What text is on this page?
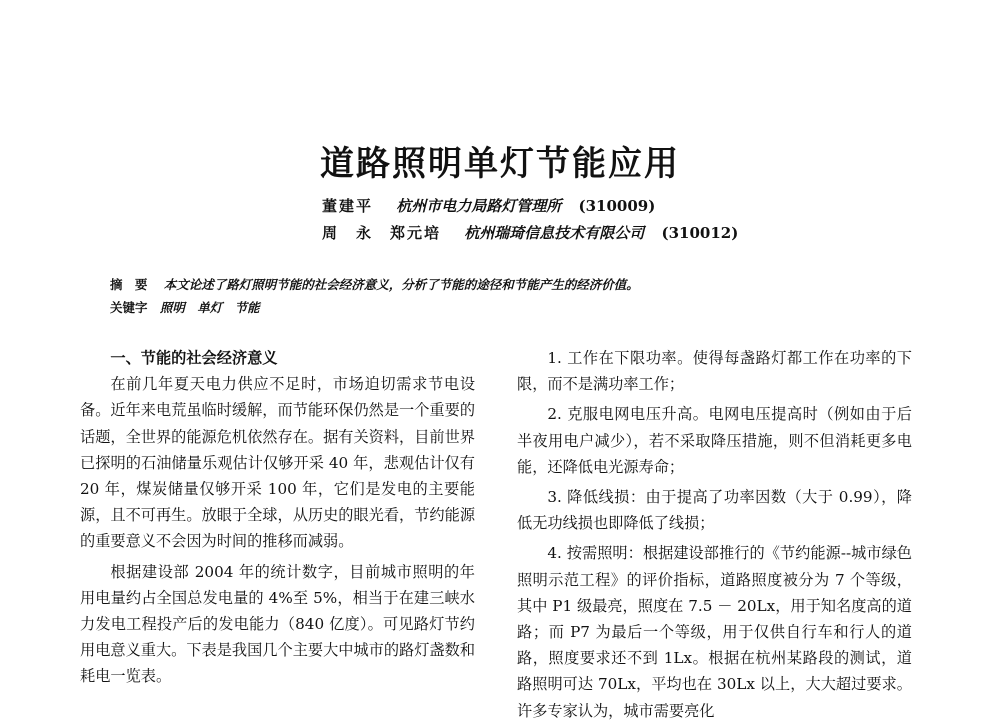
道路照明单灯节能应用
董建平 杭州市电力局路灯管理所 (310009)
周　永　郑元培 杭州瑞琦信息技术有限公司 (310012)
摘 要 本文论述了路灯照明节能的社会经济意义，分析了节能的途径和节能产生的经济价值。
关键字 照明 单灯 节能
一、节能的社会经济意义

在前几年夏天电力供应不足时，市场迫切需求节电设备。近年来电荒虽临时缓解，而节能环保仍然是一个重要的话题，全世界的能源危机依然存在。据有关资料，目前世界已探明的石油储量乐观估计仅够开采 40 年，悲观估计仅有 20 年，煤炭储量仅够开采 100 年，它们是发电的主要能源，且不可再生。放眼于全球，从历史的眼光看，节约能源的重要意义不会因为时间的推移而减弱。

根据建设部 2004 年的统计数字，目前城市照明的年用电量约占全国总发电量的 4%至 5%，相当于在建三峡水力发电工程投产后的发电能力（840 亿度）。可见路灯节约用电意义重大。下表是我国几个主要大中城市的路灯盏数和耗电一览表。

1. 工作在下限功率。使得每盏路灯都工作在功率的下限，而不是满功率工作；

2. 克服电网电压升高。电网电压提高时（例如由于后半夜用电户减少），若不采取降压措施，则不但消耗更多电能，还降低电光源寿命；

3. 降低线损：由于提高了功率因数（大于 0.99），降低无功线损也即降低了线损；

4. 按需照明：根据建设部推行的《节约能源--城市绿色照明示范工程》的评价指标，道路照度被分为 7 个等级，其中 P1 级最亮，照度在 7.5 － 20Lx，用于知名度高的道路；而 P7 为最后一个等级，用于仅供自行车和行人的道路，照度要求还不到 1Lx。根据在杭州某路段的测试，道路照明可达 70Lx，平均也在 30Lx 以上，大大超过要求。许多专家认为，城市需要亮化
